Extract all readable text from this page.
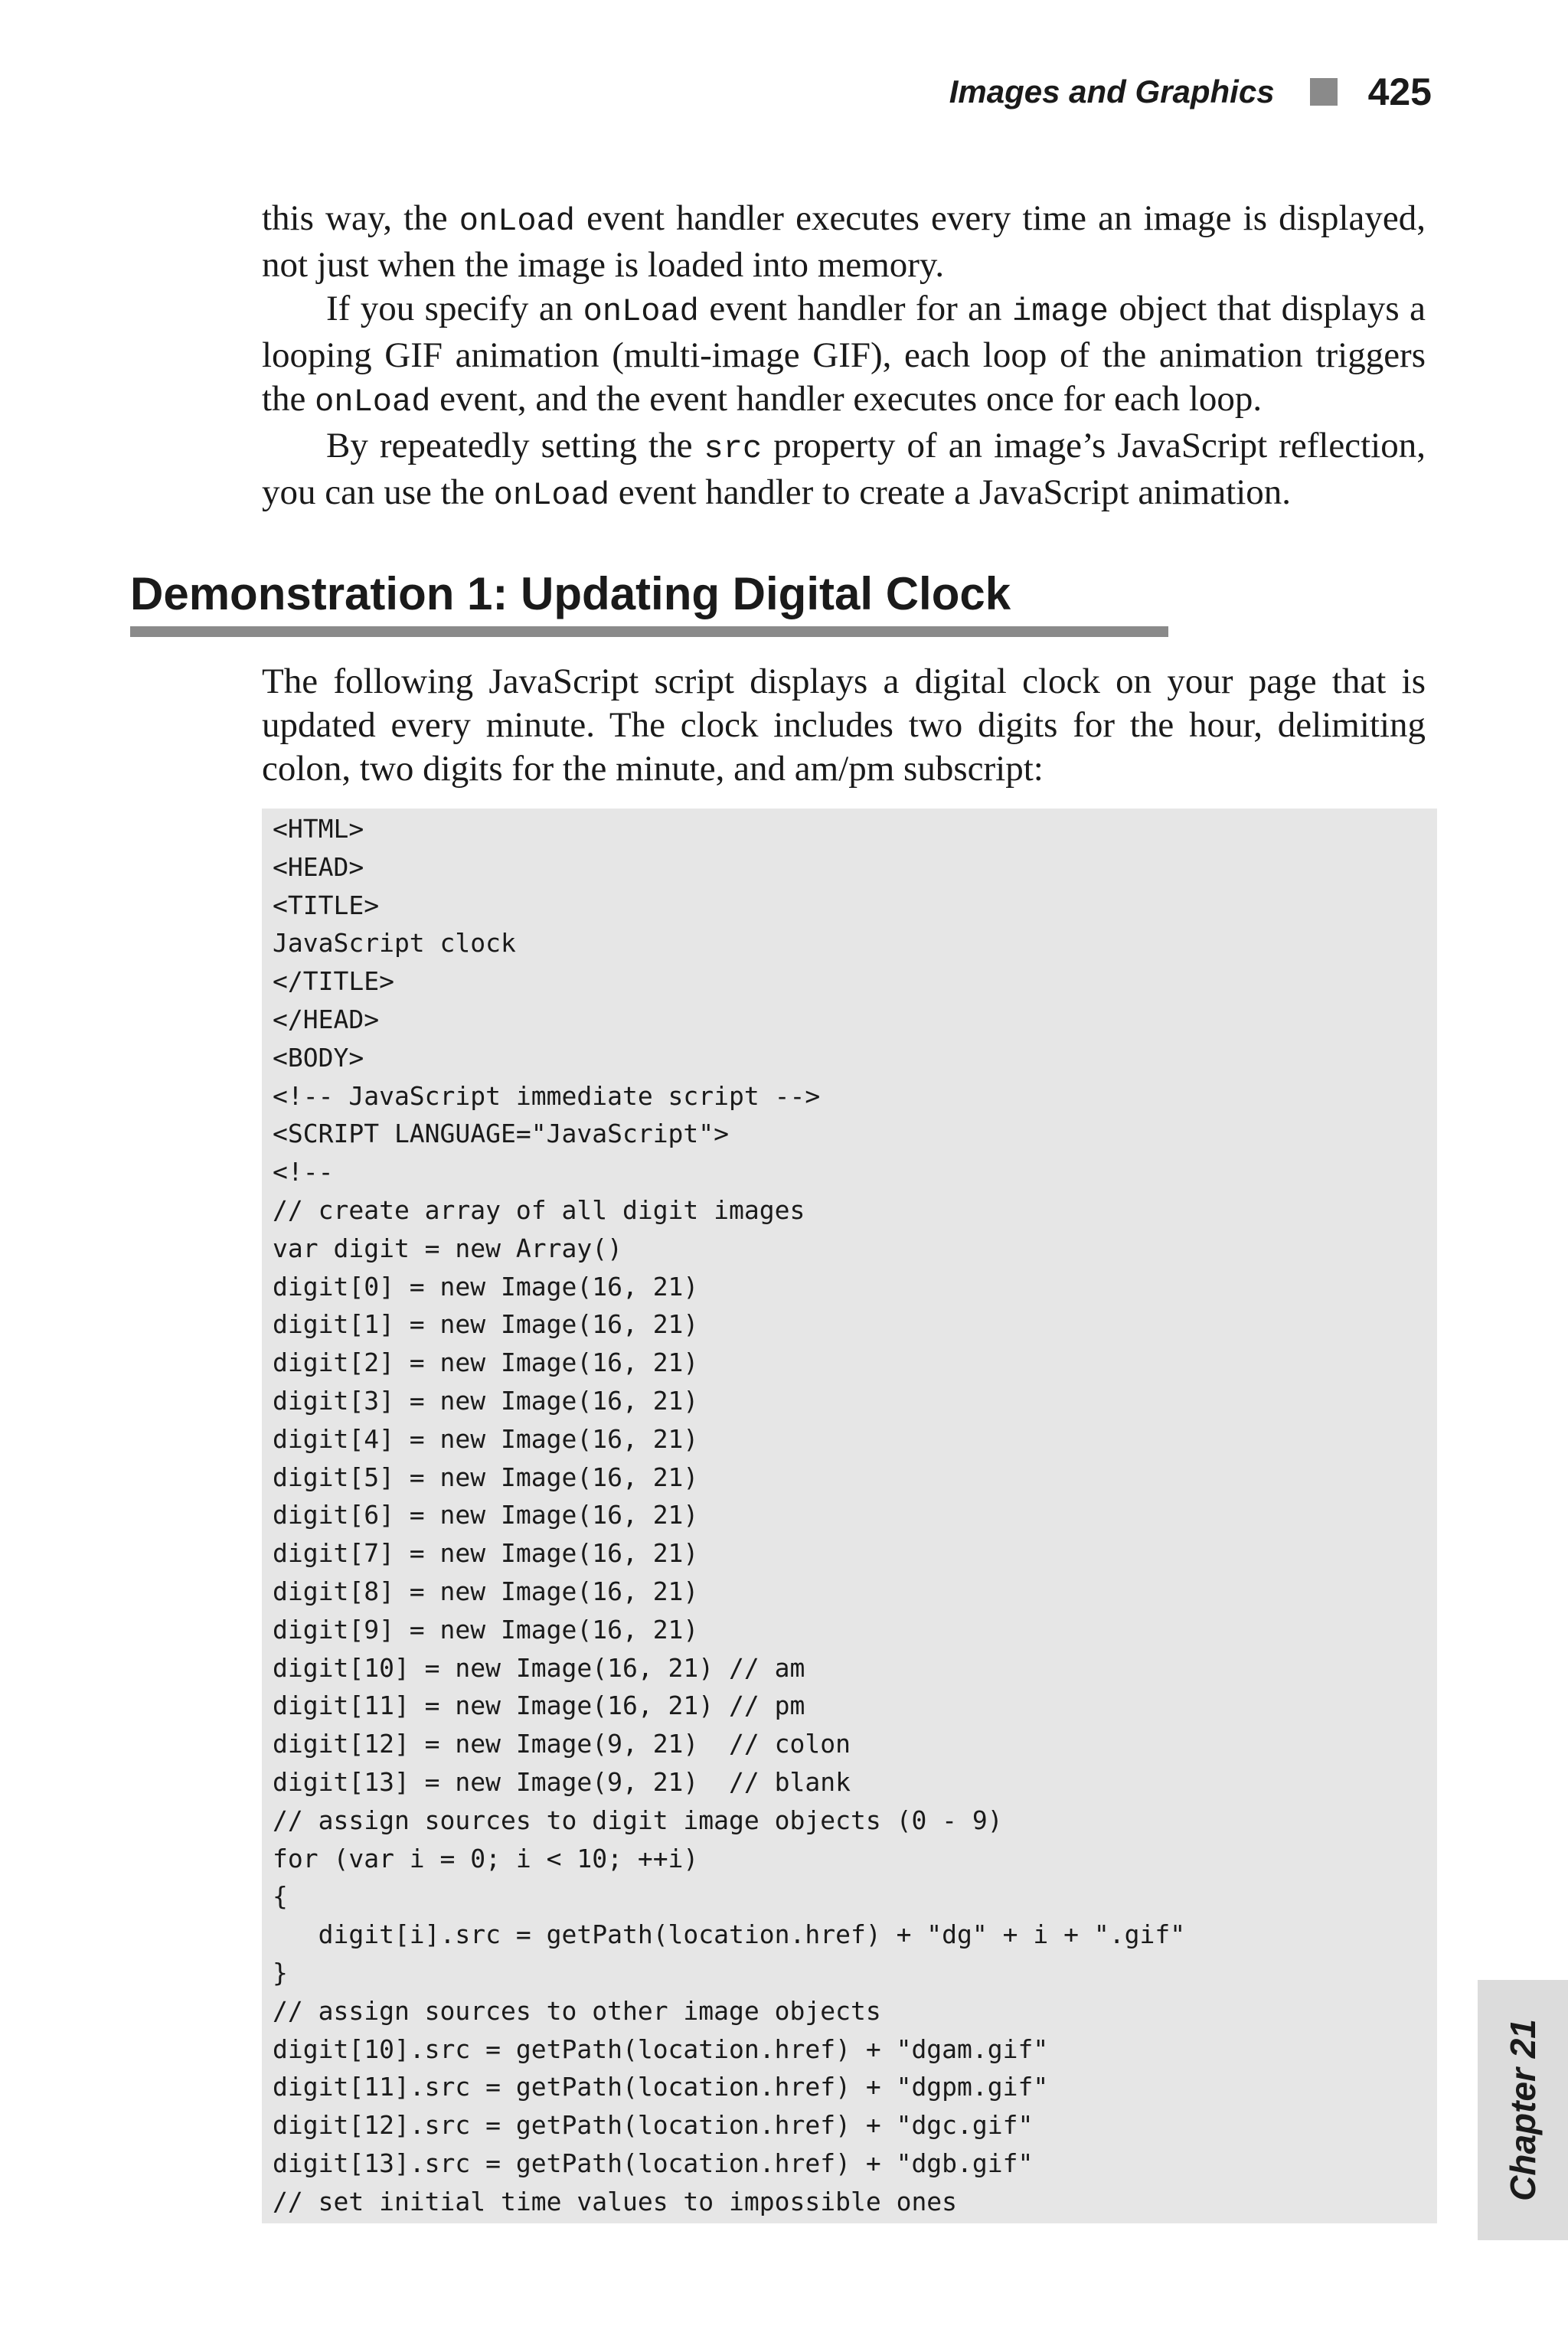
Images and Graphics 425

this way, the onLoad event handler executes every time an image is displayed, not just when the image is loaded into memory.

If you specify an onLoad event handler for an image object that displays a looping GIF animation (multi-image GIF), each loop of the animation triggers the onLoad event, and the event handler executes once for each loop.

By repeatedly setting the src property of an image’s JavaScript reflection, you can use the onLoad event handler to create a JavaScript animation.

Demonstration 1: Updating Digital Clock

The following JavaScript script displays a digital clock on your page that is updated every minute. The clock includes two digits for the hour, delimiting colon, two digits for the minute, and am/pm subscript:

<HTML>
<HEAD>
<TITLE>
JavaScript clock
</TITLE>
</HEAD>
<BODY>
<!-- JavaScript immediate script -->
<SCRIPT LANGUAGE="JavaScript">
<!--
// create array of all digit images
var digit = new Array()
digit[0] = new Image(16, 21)
digit[1] = new Image(16, 21)
digit[2] = new Image(16, 21)
digit[3] = new Image(16, 21)
digit[4] = new Image(16, 21)
digit[5] = new Image(16, 21)
digit[6] = new Image(16, 21)
digit[7] = new Image(16, 21)
digit[8] = new Image(16, 21)
digit[9] = new Image(16, 21)
digit[10] = new Image(16, 21) // am
digit[11] = new Image(16, 21) // pm
digit[12] = new Image(9, 21)  // colon
digit[13] = new Image(9, 21)  // blank
// assign sources to digit image objects (0 - 9)
for (var i = 0; i < 10; ++i)
{
digit[i].src = getPath(location.href) + "dg" + i + ".gif"
}
// assign sources to other image objects
digit[10].src = getPath(location.href) + "dgam.gif"
digit[11].src = getPath(location.href) + "dgpm.gif"
digit[12].src = getPath(location.href) + "dgc.gif"
digit[13].src = getPath(location.href) + "dgb.gif"
// set initial time values to impossible ones
Chapter 21
